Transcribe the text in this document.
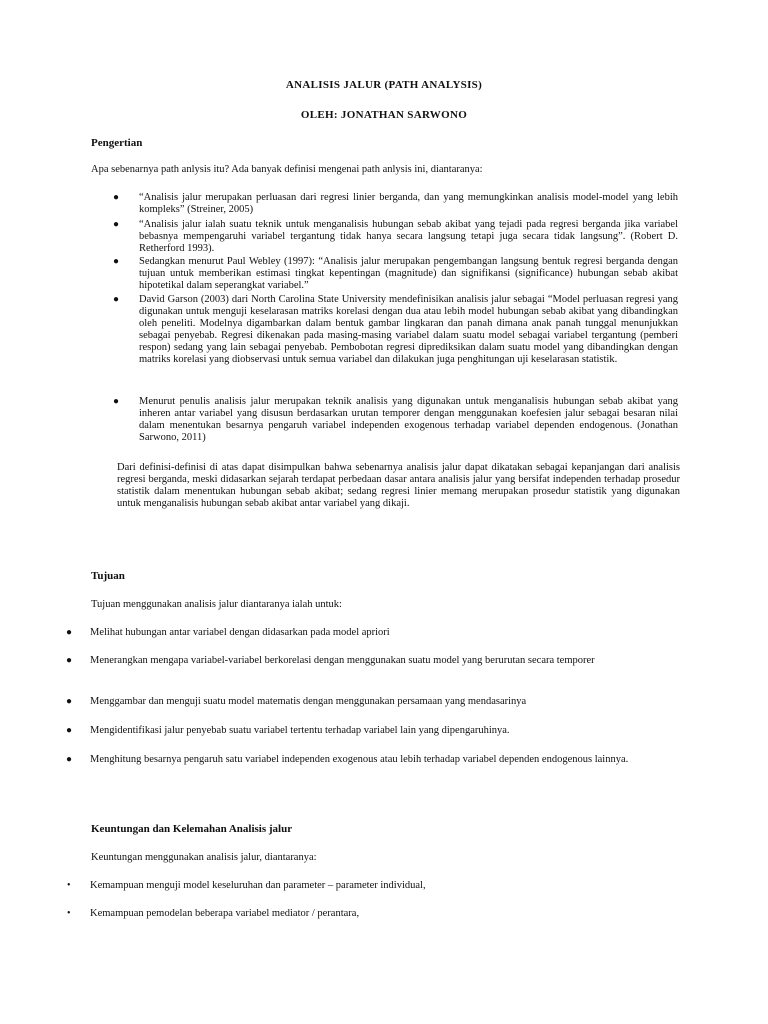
ANALISIS JALUR (PATH ANALYSIS)
OLEH: JONATHAN SARWONO
Pengertian
Apa sebenarnya path anlysis itu? Ada banyak definisi mengenai path anlysis ini, diantaranya:
● “Analisis jalur merupakan perluasan dari regresi linier berganda, dan yang memungkinkan analisis model-model yang lebih kompleks” (Streiner, 2005)
● “Analisis jalur ialah suatu teknik untuk menganalisis hubungan sebab akibat yang tejadi pada regresi berganda jika variabel bebasnya mempengaruhi variabel tergantung tidak hanya secara langsung tetapi juga secara tidak langsung”. (Robert D. Retherford 1993).
● Sedangkan menurut Paul Webley (1997): “Analisis jalur merupakan pengembangan langsung bentuk regresi berganda dengan tujuan untuk memberikan estimasi tingkat kepentingan (magnitude) dan signifikansi (significance) hubungan sebab akibat hipotetikal dalam seperangkat variabel.”
● David Garson (2003) dari North Carolina State University mendefinisikan analisis jalur sebagai “Model perluasan regresi yang digunakan untuk menguji keselarasan matriks korelasi dengan dua atau lebih model hubungan sebab akibat yang dibandingkan oleh peneliti. Modelnya digambarkan dalam bentuk gambar lingkaran dan panah dimana anak panah tunggal menunjukkan sebagai penyebab. Regresi dikenakan pada masing-masing variabel dalam suatu model sebagai variabel tergantung (pemberi respon) sedang yang lain sebagai penyebab. Pembobotan regresi diprediksikan dalam suatu model yang dibandingkan dengan matriks korelasi yang diobservasi untuk semua variabel dan dilakukan juga penghitungan uji keselarasan statistik.
● Menurut penulis analisis jalur merupakan teknik analisis yang digunakan untuk menganalisis hubungan sebab akibat yang inheren antar variabel yang disusun berdasarkan urutan temporer dengan menggunakan koefesien jalur sebagai besaran nilai dalam menentukan besarnya pengaruh variabel independen exogenous terhadap variabel dependen endogenous. (Jonathan Sarwono, 2011)
Dari definisi-definisi di atas dapat disimpulkan bahwa sebenarnya analisis jalur dapat dikatakan sebagai kepanjangan dari analisis regresi berganda, meski didasarkan sejarah terdapat perbedaan dasar antara analisis jalur yang bersifat independen terhadap prosedur statistik dalam menentukan hubungan sebab akibat; sedang regresi linier memang merupakan prosedur statistik yang digunakan untuk menganalisis hubungan sebab akibat antar variabel yang dikaji.
Tujuan
Tujuan menggunakan analisis jalur diantaranya ialah untuk:
● Melihat hubungan antar variabel dengan didasarkan pada model apriori
● Menerangkan mengapa variabel-variabel berkorelasi dengan menggunakan suatu model yang berurutan secara temporer
● Menggambar dan menguji suatu model matematis dengan menggunakan persamaan yang mendasarinya
● Mengidentifikasi jalur penyebab suatu variabel tertentu terhadap variabel lain yang dipengaruhinya.
● Menghitung besarnya pengaruh satu variabel independen exogenous atau lebih terhadap variabel dependen endogenous lainnya.
Keuntungan dan Kelemahan Analisis jalur
Keuntungan menggunakan analisis jalur, diantaranya:
• Kemampuan menguji model keseluruhan dan parameter – parameter individual,
• Kemampuan pemodelan beberapa variabel mediator / perantara,
